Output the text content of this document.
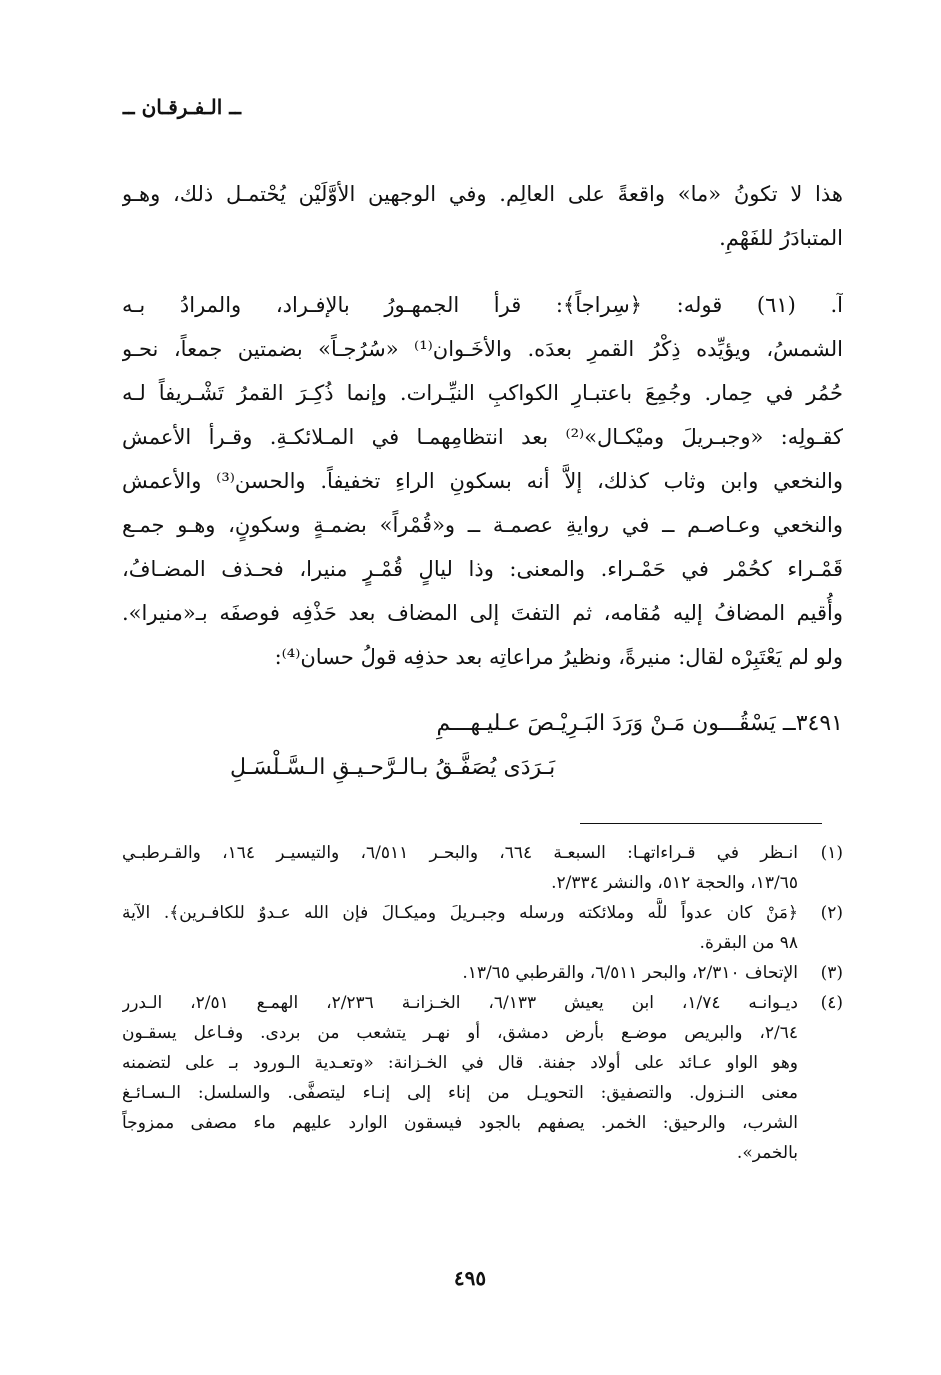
ــ الـفـرقـان ــ
هذا لا تكونُ «ما» واقعةً على العالِم. وفي الوجهين الأوَّلَيْن يُحْتمـل ذلك، وهـو
المتبادَرُ للفَهْمِ.
آ. (٦١) قوله: ﴿سِراجاً﴾: قرأ الجمهـورُ بالإفـراد، والمرادُ بـه
الشمسُ، ويؤيِّده ذِكْرُ القمرِ بعدَه. والأخَـوان⁽¹⁾ «سُرُجـاً» بضمتين جمعاً، نحـو
حُمُر في حِمار. وجُمِعَ باعتبـارِ الكواكبِ النيِّـرات. وإنما ذُكِـرَ القمرُ تَشْـريفاً لـه
كقـولِه: «وجبـريلَ وميْكـال»⁽²⁾ بعد انتظامِهمـا في المـلائكـةِ. وقـرأ الأعمش
والنخعي وابن وثاب كذلك، إلاَّ أنه بسكونِ الراءِ تخفيفاً. والحسن⁽³⁾ والأعمش
والنخعي وعـاصـم ــ في روايةِ عصمـة ــ و«قُمْراً» بضمـةٍ وسكونٍ، وهـو جمـع
قَمْـراء كحُمْر في حَمْـراء. والمعنى: وذا ليالٍ قُمْـرٍ منيرا، فحـذف المضـافُ،
وأُقيم المضافُ إليه مُقامه، ثم التفتَ إلى المضاف بعد حَذْفِه فوصفَه بـ«منيرا».
ولو لم يَعْتَبِرْه لقال: منيرةً، ونظيرُ مراعاتِه بعد حذفِه قولُ حسان⁽⁴⁾:
٣٤٩١ــ يَسْقُـــون مَـنْ وَرَدَ البَـرِيْـصَ عـليـهـــمِ
بَـرَدَى يُصَفَّـقُ بـالـرَّحـيـقِ الـسَّـلْسَـلِ
(١)
انـظر في قـراءاتهـا: السبعـة ٦٦٤، والبحـر ٦/٥١١، والتيسيـر ١٦٤، والقـرطبـي
١٣/٦٥، والحجة ٥١٢، والنشر ٢/٣٣٤.
(٢)
﴿مَنْ كان عدواً للَّه وملائكته ورسله وجبـريلَ وميكـالَ فإن الله عـدوٌ للكافـرين﴾. الآية
٩٨ من البقرة.
(٣)
الإتحاف ٢/٣١٠، والبحر ٦/٥١١، والقرطبي ١٣/٦٥.
(٤)
ديـوانـه ١/٧٤، ابن يعيش ٦/١٣٣، الخـزانـة ٢/٢٣٦، الهمـع ٢/٥١، الـدرر
٢/٦٤، والبريص موضـع بأرض دمشق، أو نهـر يتشعب من بردى. وفـاعل يسقـون
وهو الواو عـائد على أولاد جفنة. قال في الخـزانة: «وتعـدية الـورود بـ على لتضمنه
معنى النـزول. والتصفيق: التحويـل من إناء إلى إنـاء ليتصفَّى. والسلسل: الـسـائـغ
الشرب، والرحيق: الخمر. يصفهم بالجود فيسقون الوارد عليهم ماء مصفى ممزوجاً
بالخمر».
٤٩٥
